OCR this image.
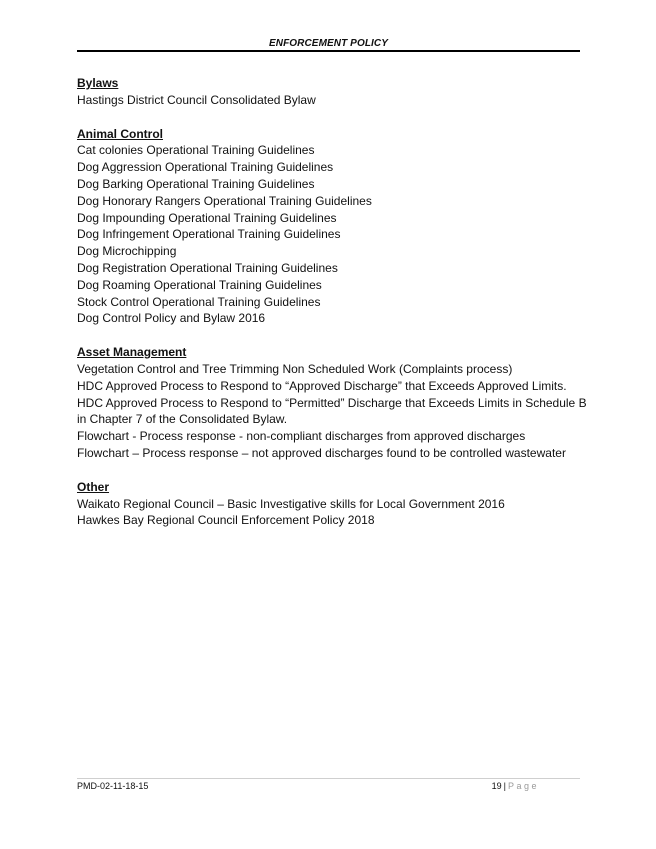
ENFORCEMENT POLICY
Bylaws
Hastings District Council Consolidated Bylaw
Animal Control
Cat colonies Operational Training Guidelines
Dog Aggression Operational Training Guidelines
Dog Barking Operational Training Guidelines
Dog Honorary Rangers Operational Training Guidelines
Dog Impounding Operational Training Guidelines
Dog Infringement Operational Training Guidelines
Dog Microchipping
Dog Registration Operational Training Guidelines
Dog Roaming Operational Training Guidelines
Stock Control Operational Training Guidelines
Dog Control Policy and Bylaw 2016
Asset Management
Vegetation Control and Tree Trimming Non Scheduled Work (Complaints process)
HDC Approved Process to Respond to “Approved Discharge” that Exceeds Approved Limits.
HDC Approved Process to Respond to “Permitted” Discharge that Exceeds Limits in Schedule B
in Chapter 7 of the Consolidated Bylaw.
Flowchart - Process response - non-compliant discharges from approved discharges
Flowchart – Process response – not approved discharges found to be controlled wastewater
Other
Waikato Regional Council – Basic Investigative skills for Local Government 2016
Hawkes Bay Regional Council Enforcement Policy 2018
PMD-02-11-18-15	19 | Page
